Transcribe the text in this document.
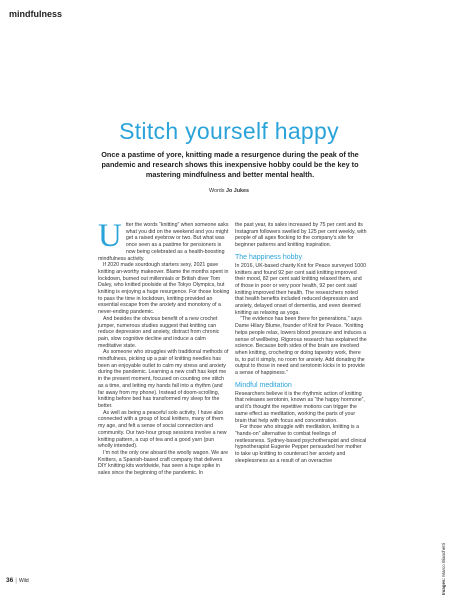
mindfulness
Stitch yourself happy
Once a pastime of yore, knitting made a resurgence during the peak of the pandemic and research shows this inexpensive hobby could be the key to mastering mindfulness and better mental health.
Words Jo Jukes

Utter the words “knitting” when someone asks what you did on the weekend and you might get a raised eyebrow or two. But what was once seen as a pastime for pensioners is now being celebrated as a health-boosting mindfulness activity.

If 2020 made sourdough starters sexy, 2021 gave knitting an-worthy makeover. Blame the months spent in lockdown, burned out millennials or British diver Tom Daley, who knitted poolside at the Tokyo Olympics, but knitting is enjoying a huge resurgence. For those looking to pass the time in lockdown, knitting provided an essential escape from the anxiety and monotony of a never-ending pandemic.

And besides the obvious benefit of a new crochet jumper, numerous studies suggest that knitting can reduce depression and anxiety, distract from chronic pain, slow cognitive decline and induce a calm meditative state.

As someone who struggles with traditional methods of mindfulness, picking up a pair of knitting needles has been an enjoyable outlet to calm my stress and anxiety during the pandemic. Learning a new craft has kept me in the present moment, focused on counting one stitch as a time, and letting my hands fall into a rhythm (and far away from my phone). Instead of doom-scrolling, knitting before bed has transformed my sleep for the better.

As well as being a peaceful solo activity, I have also connected with a group of local knitters, many of them my age, and felt a sense of social connection and community. Our two-hour group sessions involve a new knitting pattern, a cup of tea and a good yarn (pun wholly intended).

I’m not the only one aboard the woolly wagon. We are Knitters, a Spanish-based craft company that delivers DIY knitting kits worldwide, has seen a huge spike in sales since the beginning of the pandemic. In

the past year, its sales increased by 75 per cent and its Instagram followers swelled by 125 per cent weekly, with people of all ages flocking to the company’s site for beginner patterns and knitting inspiration.

The happiness hobby

In 2016, UK-based charity Knit for Peace surveyed 1000 knitters and found 92 per cent said knitting improved their mood, 82 per cent said knitting relaxed them, and of those in poor or very poor health, 92 per cent said knitting improved their health. The researchers noted that health benefits included reduced depression and anxiety, delayed onset of dementia, and even deemed knitting as relaxing as yoga.

“The evidence has been there for generations,” says Dame Hilary Blume, founder of Knit for Peace. “Knitting helps people relax, lowers blood pressure and induces a sense of wellbeing. Rigorous research has explained the science. Because both sides of the brain are involved when knitting, crocheting or doing tapestry work, there is, to put it simply, no room for anxiety. Add donating the output to those in need and serotonin kicks in to provide a sense of happiness.”

Mindful meditation

Researchers believe it is the rhythmic action of knitting that releases serotonin, known as “the happy hormone”, and it’s thought the repetitive motions can trigger the same effect as meditation, working the parts of your brain that help with focus and concentration.

For those who struggle with meditation, knitting is a “hands-on” alternative to combat feelings of restlessness. Sydney-based psychotherapist and clinical hypnotherapist Eugenie Pepper persuaded her mother to take up knitting to counteract her anxiety and sleeplessness as a result of an overactive

Images: Marco Bianchetti
36 | Wild
